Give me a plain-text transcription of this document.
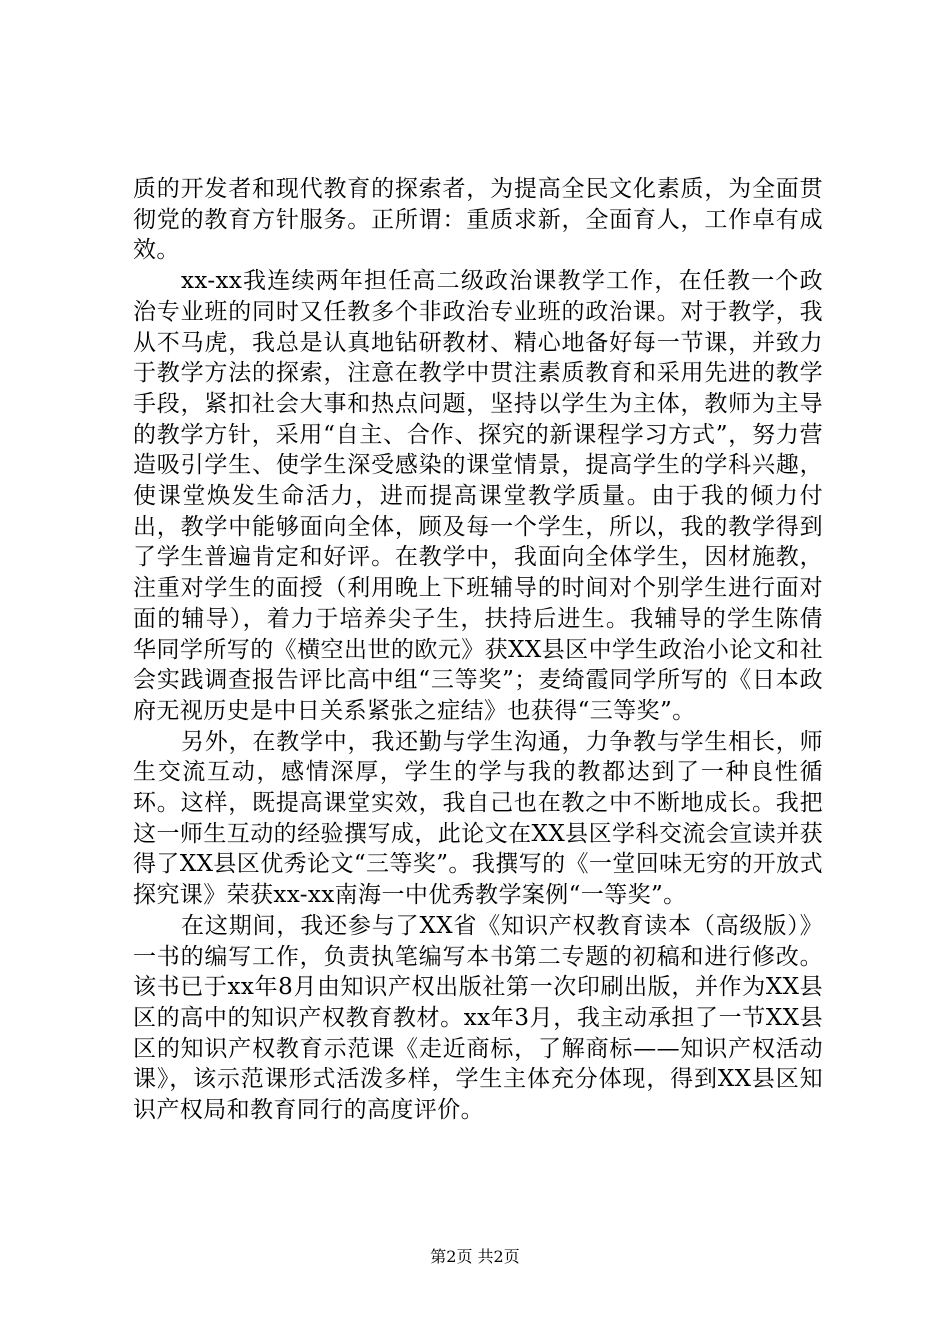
质的开发者和现代教育的探索者，为提高全民文化素质，为全面贯彻党的教育方针服务。正所谓：重质求新，全面育人，工作卓有成效。

xx-xx我连续两年担任高二级政治课教学工作，在任教一个政治专业班的同时又任教多个非政治专业班的政治课。对于教学，我从不马虎，我总是认真地钻研教材、精心地备好每一节课，并致力于教学方法的探索，注意在教学中贯注素质教育和采用先进的教学手段，紧扣社会大事和热点问题，坚持以学生为主体，教师为主导的教学方针，采用“自主、合作、探究的新课程学习方式”，努力营造吸引学生、使学生深受感染的课堂情景，提高学生的学科兴趣，使课堂焕发生命活力，进而提高课堂教学质量。由于我的倾力付出，教学中能够面向全体，顾及每一个学生，所以，我的教学得到了学生普遍肯定和好评。在教学中，我面向全体学生，因材施教，注重对学生的面授（利用晚上下班辅导的时间对个别学生进行面对面的辅导），着力于培养尖子生，扶持后进生。我辅导的学生陈倩华同学所写的《横空出世的欧元》获XX县区中学生政治小论文和社会实践调查报告评比高中组“三等奖”；麦绮霞同学所写的《日本政府无视历史是中日关系紧张之症结》也获得“三等奖”。

另外，在教学中，我还勤与学生沟通，力争教与学生相长，师生交流互动，感情深厚，学生的学与我的教都达到了一种良性循环。这样，既提高课堂实效，我自己也在教之中不断地成长。我把这一师生互动的经验撰写成，此论文在XX县区学科交流会宣读并获得了XX县区优秀论文“三等奖”。我撰写的《一堂回味无穷的开放式探究课》荣获xx-xx南海一中优秀教学案例“一等奖”。

在这期间，我还参与了XX省《知识产权教育读本（高级版）》一书的编写工作，负责执笔编写本书第二专题的初稿和进行修改。该书已于xx年8月由知识产权出版社第一次印刷出版，并作为XX县区的高中的知识产权教育教材。xx年3月，我主动承担了一节XX县区的知识产权教育示范课《走近商标，了解商标——知识产权活动课》，该示范课形式活泼多样，学生主体充分体现，得到XX县区知识产权局和教育同行的高度评价。

第2页 共2页
